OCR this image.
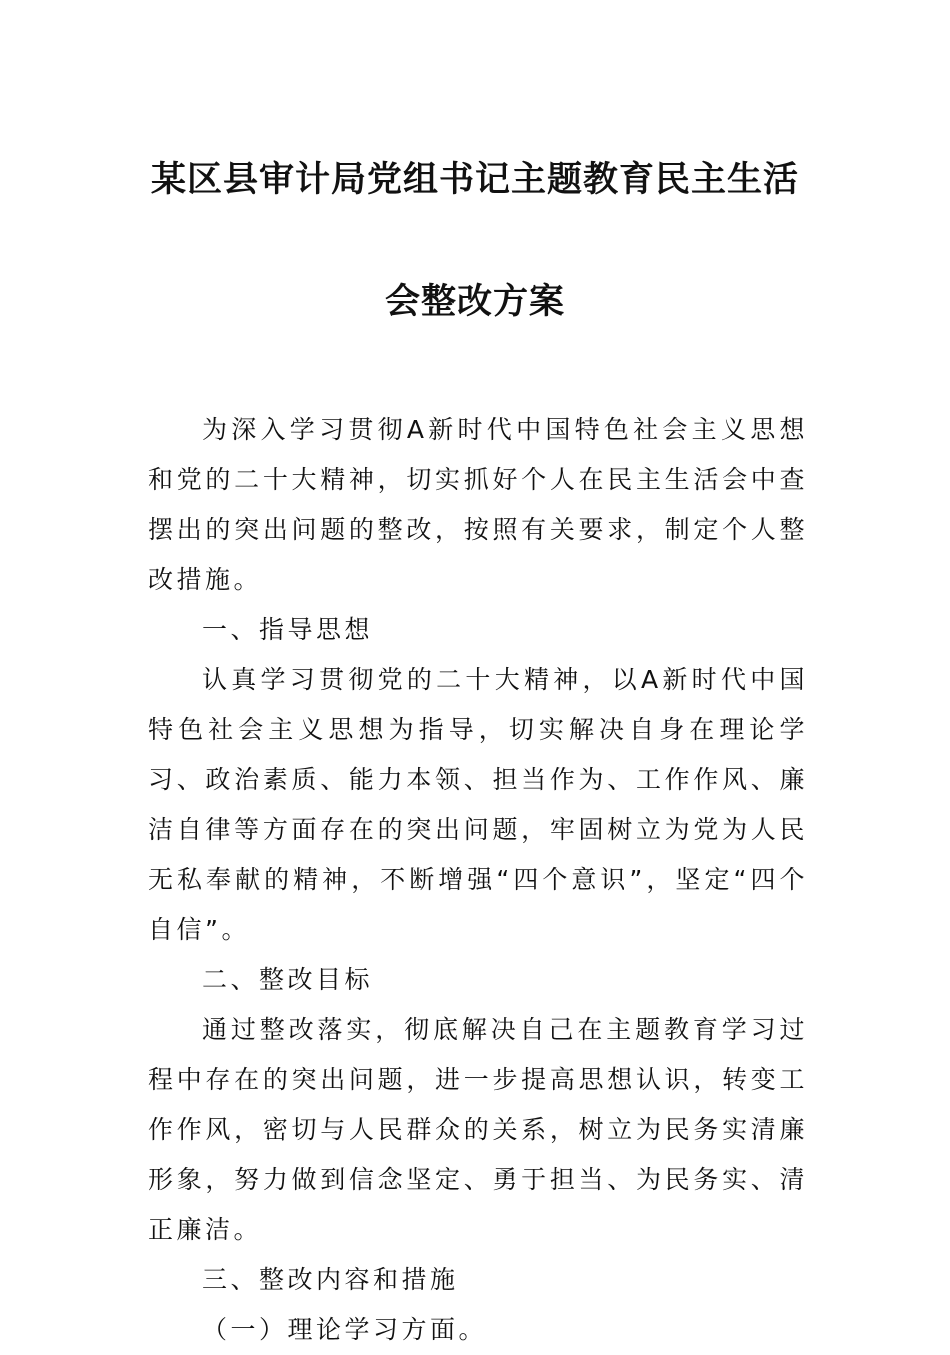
某区县审计局党组书记主题教育民主生活
会整改方案

为深入学习贯彻A新时代中国特色社会主义思想和党的二十大精神，切实抓好个人在民主生活会中查摆出的突出问题的整改，按照有关要求，制定个人整改措施。

一、指导思想

认真学习贯彻党的二十大精神，以A新时代中国特色社会主义思想为指导，切实解决自身在理论学习、政治素质、能力本领、担当作为、工作作风、廉洁自律等方面存在的突出问题，牢固树立为党为人民无私奉献的精神，不断增强“四个意识”，坚定“四个自信”。

二、整改目标

通过整改落实，彻底解决自己在主题教育学习过程中存在的突出问题，进一步提高思想认识，转变工作作风，密切与人民群众的关系，树立为民务实清廉形象，努力做到信念坚定、勇于担当、为民务实、清正廉洁。

三、整改内容和措施

（一）理论学习方面。
